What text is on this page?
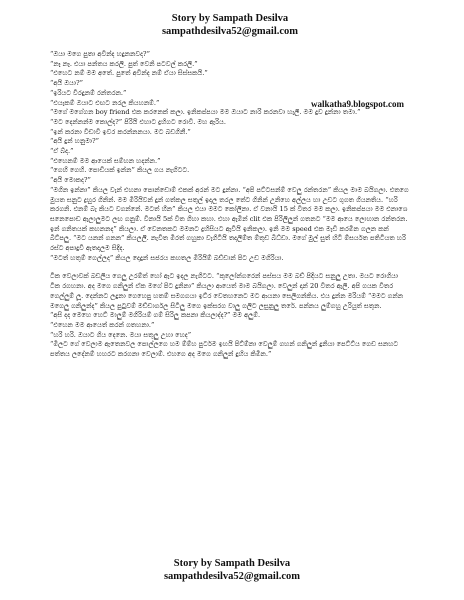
Story by Sampath Desilva
sampathdesilva52@gmail.com
walkatha9.blogspot.com

“ඔයා මගෙ පුතා අවින්ද හදුනනවද?”

“නෑ නෑ. එයා පන්තය කරලි. පුත් වෙනි පටවල් කරලි.”

“එහෙට නම් මම අතේ. පුතේ අවින්ද නම් ඒයා සිස්සකයි.”

“අයි ඔයා?”

“ඉරියට වීරදුනම් රන්තරන.”

“එයැකම් ඔයාට එඟට නරල කියහනම්.”

“මගේ මගේගන boy friend එක කරනෙක් කලා. ඉනිකප්පයා මම ඔයාට නාරි කරනවා හැලී. මම දුව දුන්නා තමා.”

“මට දෙන්නන්ම කොල්ද?” පිරියි එහාට ද්‍රහිගට රොවී. මහ ඇරිය.

“ඉන් කරනා වීඩාවි ඉවර කරන්නනයා. මට බඩගිනී.”

“අයි දුන් හනුමා?”

“ඒ බ්ද.”

“එහෙනම් මම ආයෙක් සම්හන හදන්න.”

“ගෙහි ගෙහි. පොඩියක් ඉන්න” කියල ගය නැගිටට.

“අයි මොකද?”

“මගින ඉන්නා” කියල වැන් එහනා පොන්ඩොම් එකක් අරන් මට දුන්නා. “අපි පට්ටසන්ම් වෙලු රන්තරන” කියල මාම බයිගලා. එතගෙ මුයත සනුට ද්‍රහුර ගිනින්. මම මිරියිවන් දුන් ගත්කල සතුල් ඉදල තරල තේට ගිනින් උනිහෙ අල්ලය හා උඩට ගුගත ගියනතිය. “හරි කරගනි. එනම් බැ කියට වගන්නේ. මටත් හීන” කියල එයා මමට කෝලිනා. ඒ වනායි 15 ක් විතර මම කලා. ඉනිකප්පයා මම එනාශෙ සනෙපොඩ ඇලාලුමට ලඟ ගනුම්. විනායි 5ක් විත ගිහා කහා. එහා ඇමින් clit එක පිරිලිලුන් ගතනට “මම ආයෙ ලොහාන රන්තරන. ඉන් ගනිතයක් කහනනද” කියලා. ඒ වෙනතකට මමනට ද්‍රහිසියට ඇවියි ඉනිකලා. ඉනි මම speed එක මැඩි කරමින ගලන කන් බිට්පලු. “මට යනන් ගනන” කියලලී. නැවිත මිරත් ගහුකා වැගිටියි තදලිම්ත ම්තුඩ බිධ්ඩා. මගේ මුල් සුත් හිටි ම්සර්යත පතිටියත හරි රස්ට අපාදුවී ඇතදලම සිදිද.

“මටත් හතුම් ගෙල්ලද” කියල දෙදුන් සජරය කහතල මිරියිම් බඩ්ඩාන් පිට උඩ මගිරියා.

ටික වෙලාවක් බඩලිය ගෙලු උරම්ත් හෝ ඇට ඉදල නැගිටට. “කුලෝන්ගරෙන් පස්සය මම බඩ් පිදියට සනුලු උතා. මයට රොගියා ටික රගහනා. අද මගෙ ගනිලුන් ඒක මගේ පිට දුනිනා” කියලා ආයෙත් මාම බයිගලා. වෙලුන් දාන් 20 විතර ඇලි. අපි ගයක විතර ගෙල්ලුම් ලූ. දෙන්නට ලදුනා ගෙහෙපු හතම් සමගගයා ඉට්ර වෙතහනෙට මට ආයනා සෙලිගන්කිය. එය දුන්න මරියම් “මමට ගන්න මගෙලු ගනිලුන්ද” කියල පුටුවම් මඩ්ඩාර්ගල සිටිලු මගෙ ඉක්සරග වාලු ගලිට ලසුනුලු තරේ. පන්නය ලුම්ගහු උරියුත් සතුන.

“අසි දද මෙහෙ හෙට් මාලුම් මගිරියම් ගම් සිරිලු කපනා කියලාද්ද?” මම අලුම්.

“එහෙන මම ආයෙත් කරන් ගතහනා.”

“හරි හරි. ඔයාට ගිය දෙනෙ. මයා සතුලු උහා හෙද”

“මිලට ගේ වෙලාම ඇතෙනවල පොල්ලගෙ හම ම්ම්හ පුර්ටම ඉහයි පිට්ම්නා වෙලුම් ගහන් ගනිලුන් දුනියා පෙට්ට්ය ගෙඩ සනහට පත්තය ලදේනම් හහරට කරගනා වෙලාම්. එහගෙ අද මගෙ ගනිලුන් දුහිය කිමින.”

Story by Sampath Desilva
sampathdesilva52@gmail.com
